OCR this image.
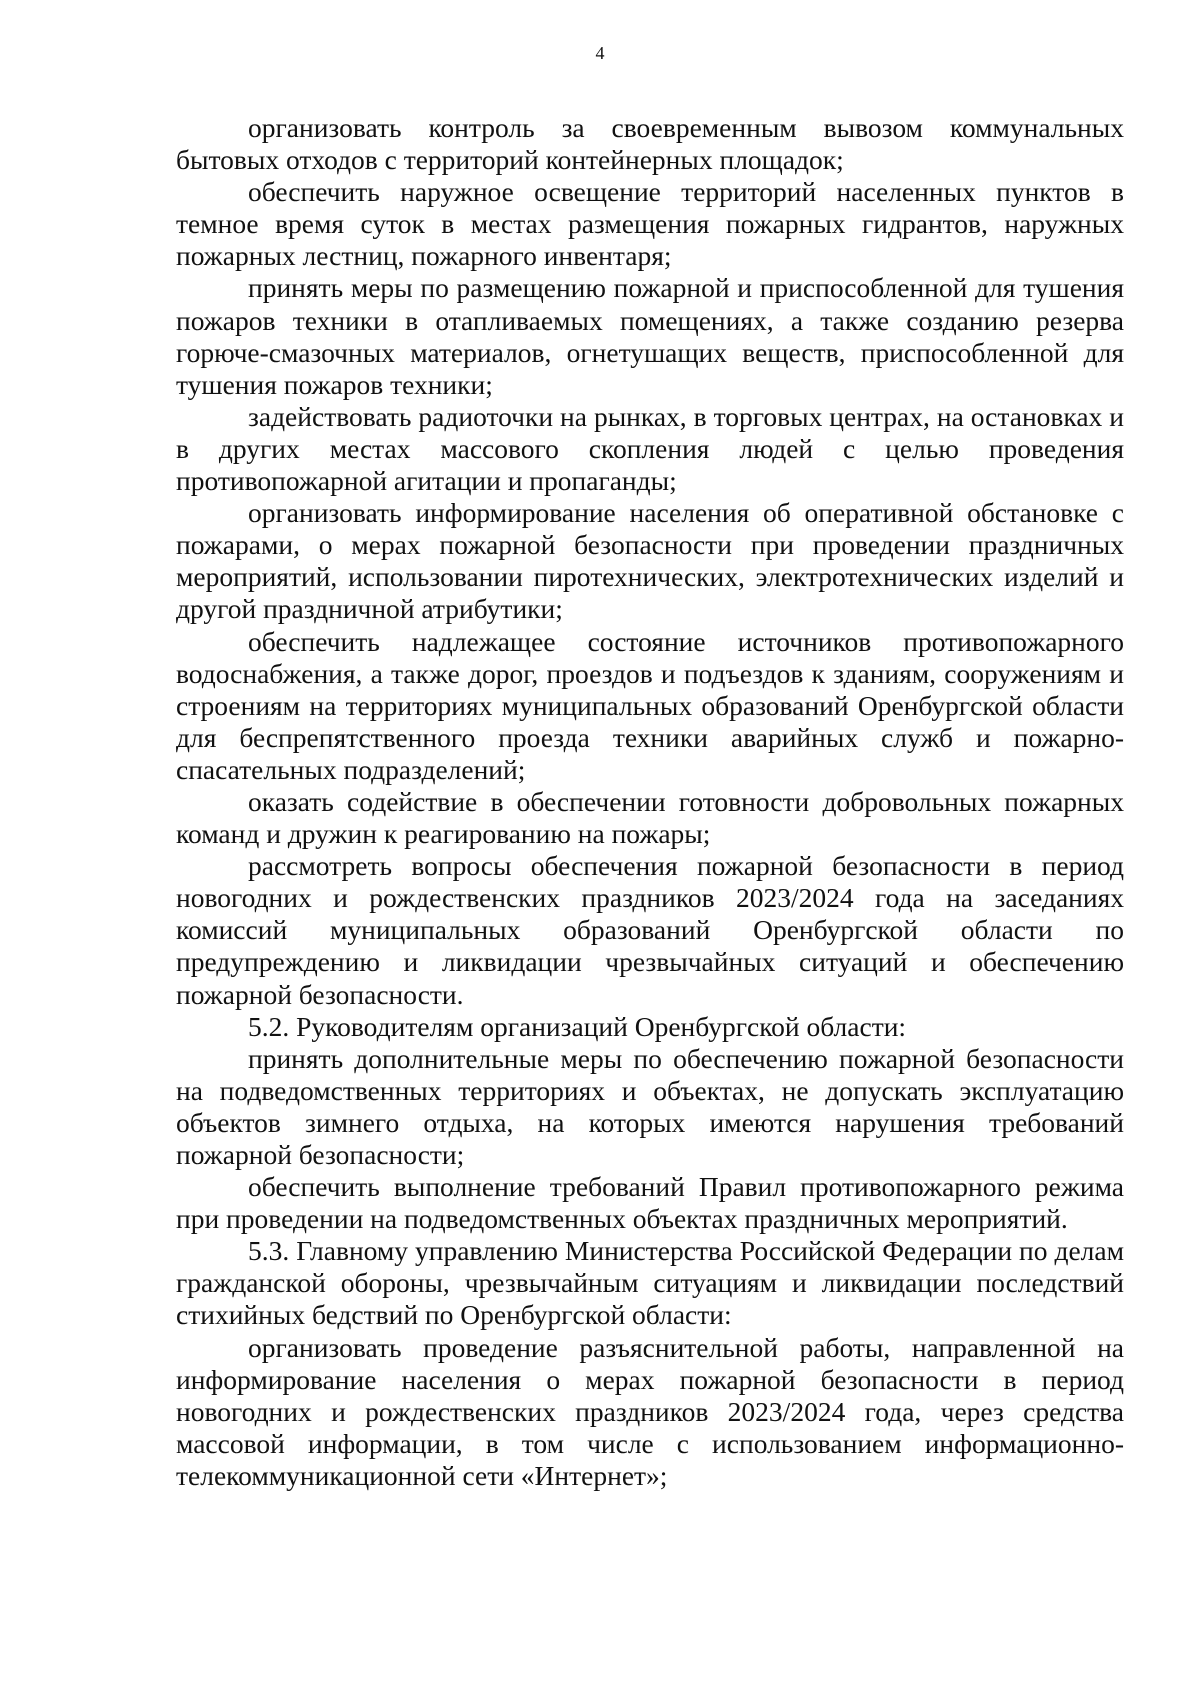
4

организовать контроль за своевременным вывозом коммунальных бытовых отходов с территорий контейнерных площадок;

обеспечить наружное освещение территорий населенных пунктов в темное время суток в местах размещения пожарных гидрантов, наружных пожарных лестниц, пожарного инвентаря;

принять меры по размещению пожарной и приспособленной для тушения пожаров техники в отапливаемых помещениях, а также созданию резерва горюче-смазочных материалов, огнетушащих веществ, приспособленной для тушения пожаров техники;

задействовать радиоточки на рынках, в торговых центрах, на остановках и в других местах массового скопления людей с целью проведения противопожарной агитации и пропаганды;

организовать информирование населения об оперативной обстановке с пожарами, о мерах пожарной безопасности при проведении праздничных мероприятий, использовании пиротехнических, электротехнических изделий и другой праздничной атрибутики;

обеспечить надлежащее состояние источников противопожарного водоснабжения, а также дорог, проездов и подъездов к зданиям, сооружениям и строениям на территориях муниципальных образований Оренбургской области для беспрепятственного проезда техники аварийных служб и пожарно-спасательных подразделений;

оказать содействие в обеспечении готовности добровольных пожарных команд и дружин к реагированию на пожары;

рассмотреть вопросы обеспечения пожарной безопасности в период новогодних и рождественских праздников 2023/2024 года на заседаниях комиссий муниципальных образований Оренбургской области по предупреждению и ликвидации чрезвычайных ситуаций и обеспечению пожарной безопасности.

5.2. Руководителям организаций Оренбургской области:

принять дополнительные меры по обеспечению пожарной безопасности на подведомственных территориях и объектах, не допускать эксплуатацию объектов зимнего отдыха, на которых имеются нарушения требований пожарной безопасности;

обеспечить выполнение требований Правил противопожарного режима при проведении на подведомственных объектах праздничных мероприятий.

5.3. Главному управлению Министерства Российской Федерации по делам гражданской обороны, чрезвычайным ситуациям и ликвидации последствий стихийных бедствий по Оренбургской области:

организовать проведение разъяснительной работы, направленной на информирование населения о мерах пожарной безопасности в период новогодних и рождественских праздников 2023/2024 года, через средства массовой информации, в том числе с использованием информационно-телекоммуникационной сети «Интернет»;
